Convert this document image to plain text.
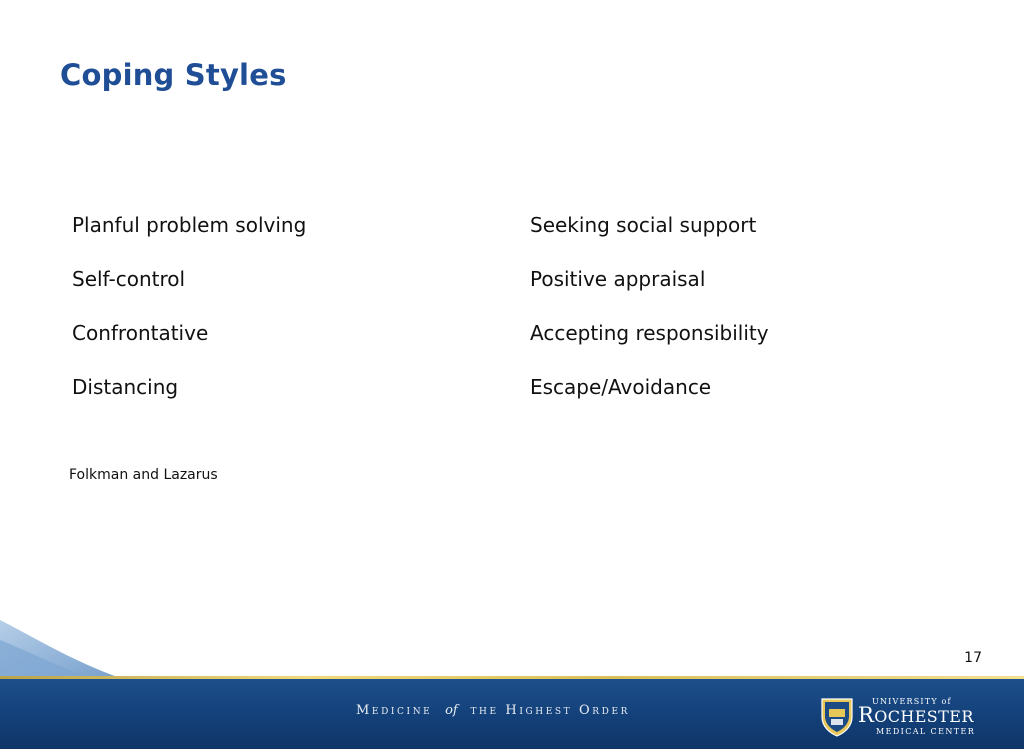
Coping Styles
Planful problem solving	Seeking social support
Self-control	Positive appraisal
Confrontative	Accepting responsibility
Distancing	Escape/Avoidance
Folkman and Lazarus
17
Medicine of the Highest Order
UNIVERSITY of
ROCHESTER
MEDICAL CENTER
